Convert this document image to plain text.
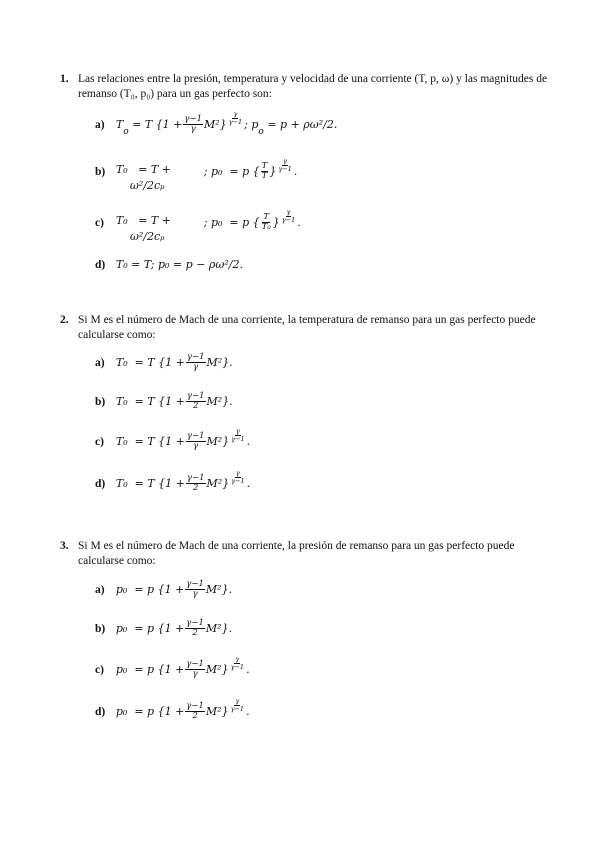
1. Las relaciones entre la presión, temperatura y velocidad de una corriente (T, p, ω) y las magnitudes de remanso (T₀, p₀) para un gas perfecto son:
a) $T_o = T$ $\{1 + \frac{\gamma-1}{\gamma} M^2\} \frac{\gamma}{\gamma-1}$ ; $p_o = p + \rho\omega^2/2$.
b) T₀ = T +
ω²/2cₚ ; p₀ = p { $\frac{T}{T}$ } $\frac{\gamma}{\gamma-1}$ .
c) T₀ = T +
ω²/2cₚ ; p₀ = p { $\frac{T}{\text{T₀}}$ } $\frac{\gamma}{\gamma-1}$ .
d) T₀ = T; p₀ = p − ρω²/2.
2. Si M es el número de Mach de una corriente, la temperatura de remanso para un gas perfecto puede calcularse como:
a) T₀ = T $\{1 + \frac{\gamma-1}{\gamma} M^2\}$.
b) T₀ = T $\{1 + \frac{\gamma-1}{2} M^2\}$.
c) T₀ = T $\{1 + \frac{\gamma-1}{\gamma} M^2\} \frac{\gamma}{\gamma-1}$ .
d) T₀ = T $\{1 + \frac{\gamma-1}{2} M^2\} \frac{\gamma}{\gamma-1}$ .
3. Si M es el número de Mach de una corriente, la presión de remanso para un gas perfecto puede calcularse como:
a) p₀ = p $\{1 + \frac{\gamma-1}{\gamma} M^2\}$.
b) p₀ = p $\{1 + \frac{\gamma-1}{2} M^2\}$.
c) p₀ = p $\{1 + \frac{\gamma-1}{\gamma} M^2\} \frac{\gamma}{\gamma-1}$ .
d) p₀ = p $\{1 + \frac{\gamma-1}{2} M^2\} \frac{\gamma}{\gamma-1}$ .
